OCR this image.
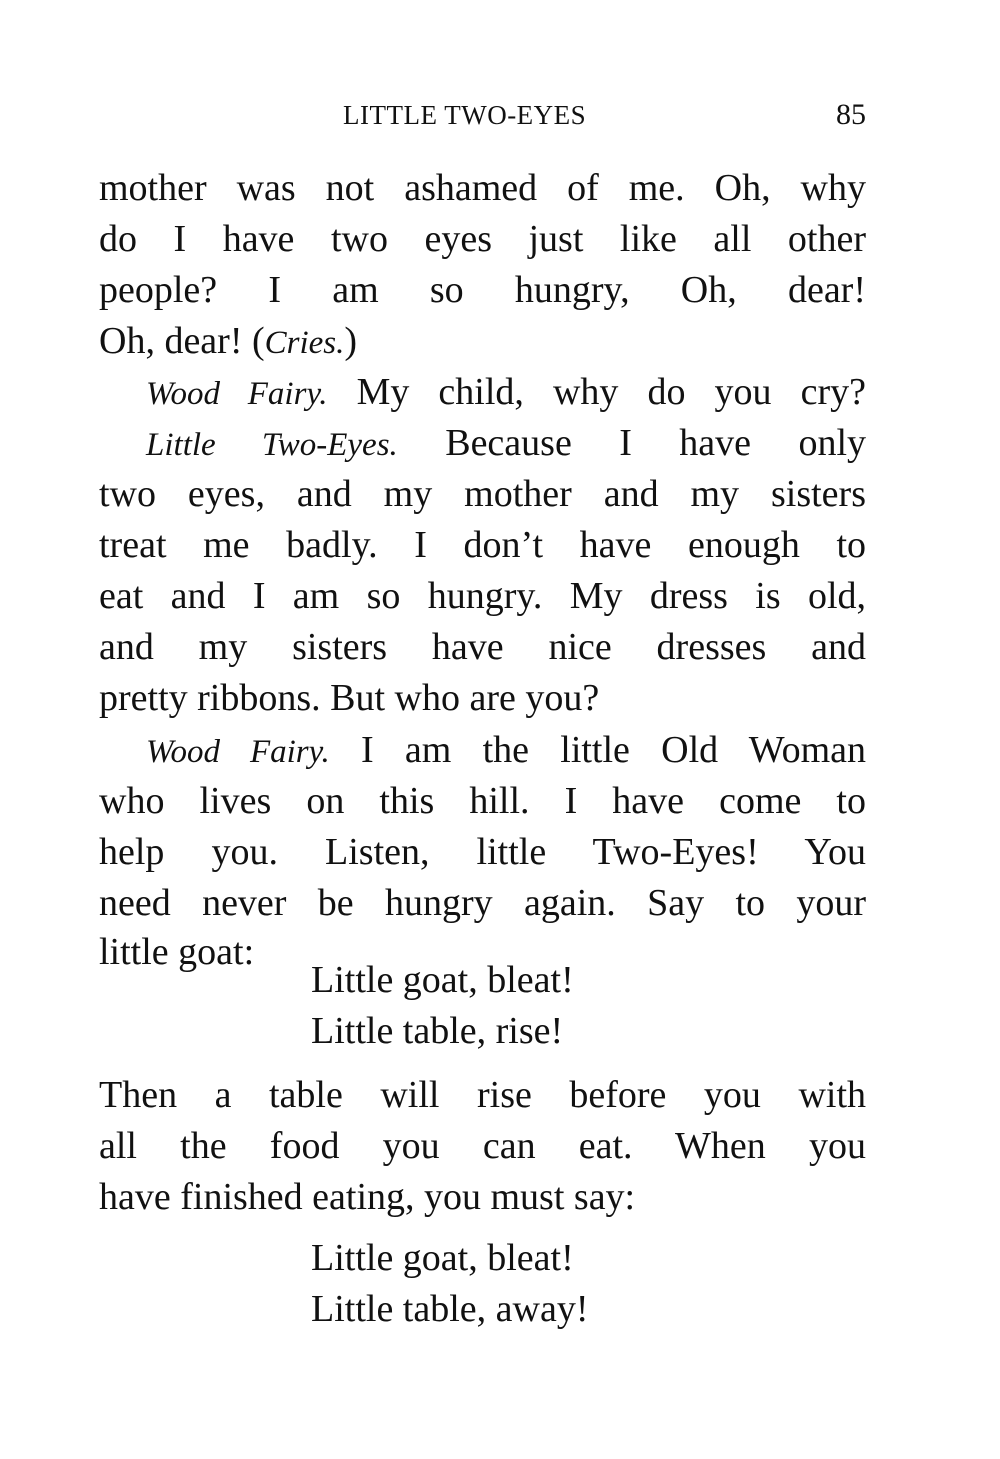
LITTLE TWO-EYES	85
mother was not ashamed of me. Oh, why
do I have two eyes just like all other
people? I am so hungry, Oh, dear!
Oh, dear! (Cries.)
Wood Fairy. My child, why do you cry?
Little Two-Eyes. Because I have only
two eyes, and my mother and my sisters
treat me badly. I don’t have enough to
eat and I am so hungry. My dress is old,
and my sisters have nice dresses and
pretty ribbons. But who are you?
Wood Fairy. I am the little Old Woman
who lives on this hill. I have come to
help you. Listen, little Two-Eyes! You
need never be hungry again. Say to your
little goat:
Little goat, bleat!
Little table, rise!
Then a table will rise before you with
all the food you can eat. When you
have finished eating, you must say:
Little goat, bleat!
Little table, away!
